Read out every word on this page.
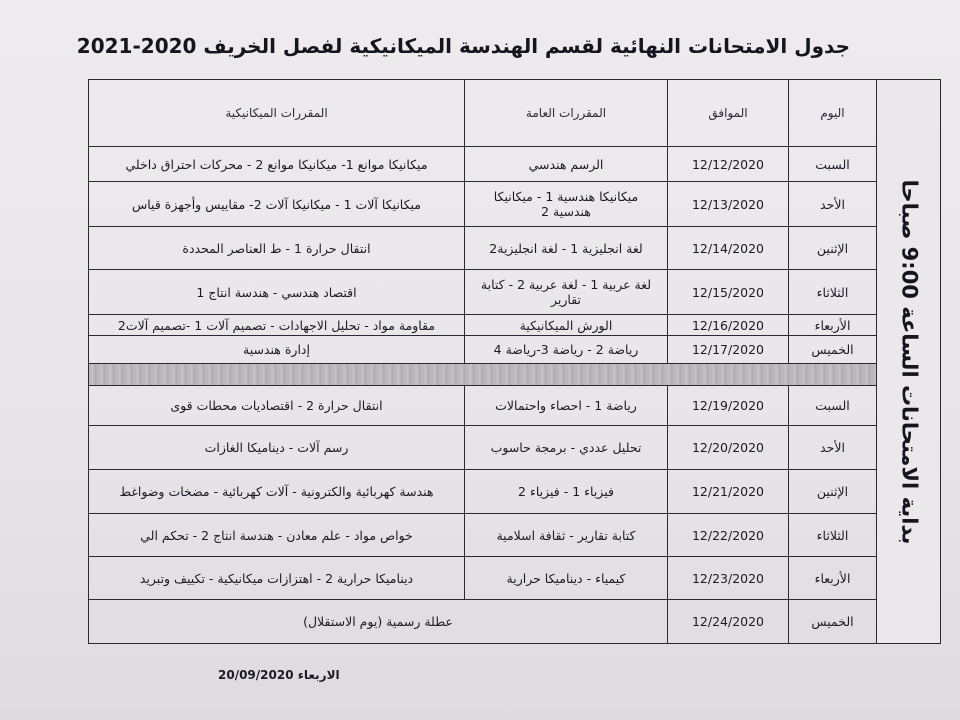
جدول الامتحانات النهائية لقسم الهندسة الميكانيكية لفصل الخريف 2020-2021
بداية الامتحانات الساعة 9:00 صباحا	اليوم	الموافق	المقررات العامة	المقررات الميكانيكية
	السبت	12/12/2020	الرسم هندسي	ميكانيكا موانع 1- ميكانيكا موانع 2 - محركات احتراق داخلي
	الأحد	12/13/2020	ميكانيكا هندسية 1 - ميكانيكا هندسية 2	ميكانيكا آلات 1 - ميكانيكا آلات 2- مقاييس وأجهزة قياس
	الإثنين	12/14/2020	لغة انجليزية 1 - لغة انجليزية2	انتقال حرارة 1 - ط العناصر المحددة
	الثلاثاء	12/15/2020	لغة عربية 1 - لغة عربية 2 - كتابة تقارير	اقتصاد هندسي - هندسة انتاج 1
	الأربعاء	12/16/2020	الورش الميكانيكية	مقاومة مواد - تحليل الاجهادات - تصميم آلات 1 -تصميم آلات2
	الخميس	12/17/2020	رياضة 2 - رياضة 3-رياضة 4	إدارة هندسية

	السبت	12/19/2020	رياضة 1 - احصاء واحتمالات	انتقال حرارة 2 - اقتصاديات محطات قوى
	الأحد	12/20/2020	تحليل عددي - برمجة حاسوب	رسم آلات - ديناميكا الغازات
	الإثنين	12/21/2020	فيزياء 1 - فيزياء 2	هندسة كهربائية والكترونية - آلات كهربائية - مضخات وضواغط
	الثلاثاء	12/22/2020	كتابة تقارير - ثقافة اسلامية	خواص مواد - علم معادن - هندسة انتاج 2 - تحكم الي
	الأربعاء	12/23/2020	كيمياء - ديناميكا حرارية	ديناميكا حرارية 2 - اهتزازات ميكانيكية - تكييف وتبريد
	الخميس	12/24/2020	عطلة رسمية (يوم الاستقلال)	
الاربعاء 20/09/2020
